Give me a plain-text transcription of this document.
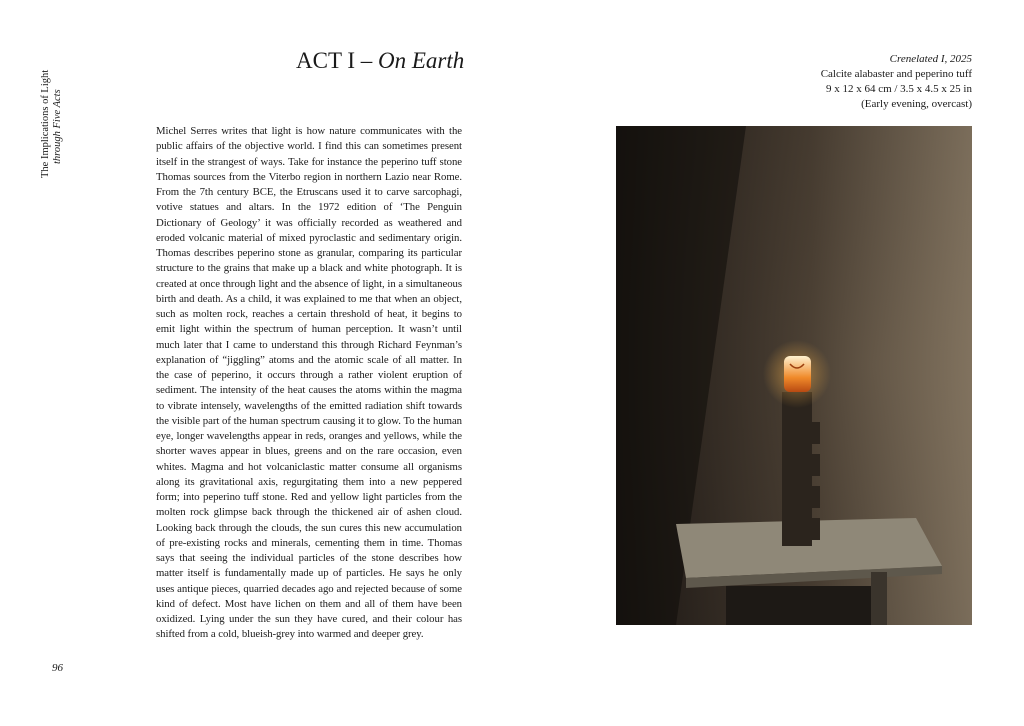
The Implications of Light through Five Acts
96
ACT I – On Earth
Michel Serres writes that light is how nature communicates with the public affairs of the objective world. I find this can sometimes present itself in the strangest of ways. Take for instance the peperino tuff stone Thomas sources from the Viterbo region in northern Lazio near Rome. From the 7th century BCE, the Etruscans used it to carve sarcophagi, votive statues and altars. In the 1972 edition of ‘The Penguin Dictionary of Geology’ it was officially recorded as weathered and eroded volcanic material of mixed pyroclastic and sedimentary origin. Thomas describes peperino stone as granular, comparing its particular structure to the grains that make up a black and white photograph. It is created at once through light and the absence of light, in a simultaneous birth and death. As a child, it was explained to me that when an object, such as molten rock, reaches a certain threshold of heat, it begins to emit light within the spectrum of human perception. It wasn’t until much later that I came to understand this through Richard Feynman’s explanation of “jiggling” atoms and the atomic scale of all matter. In the case of peperino, it occurs through a rather violent eruption of sediment. The intensity of the heat causes the atoms within the magma to vibrate intensely, wavelengths of the emitted radiation shift towards the visible part of the human spectrum causing it to glow. To the human eye, longer wavelengths appear in reds, oranges and yellows, while the shorter waves appear in blues, greens and on the rare occasion, even whites. Magma and hot volcaniclastic matter consume all organisms along its gravitational axis, regurgitating them into a new peppered form; into peperino tuff stone. Red and yellow light particles from the molten rock glimpse back through the thickened air of ashen cloud. Looking back through the clouds, the sun cures this new accumulation of pre-existing rocks and minerals, cementing them in time. Thomas says that seeing the individual particles of the stone describes how matter itself is fundamentally made up of particles. He says he only uses antique pieces, quarried decades ago and rejected because of some kind of defect. Most have lichen on them and all of them have been oxidized. Lying under the sun they have cured, and their colour has shifted from a cold, blueish-grey into warmed and deeper grey.
Crenelated I, 2025
Calcite alabaster and peperino tuff
9 x 12 x 64 cm / 3.5 x 4.5 x 25 in
(Early evening, overcast)
